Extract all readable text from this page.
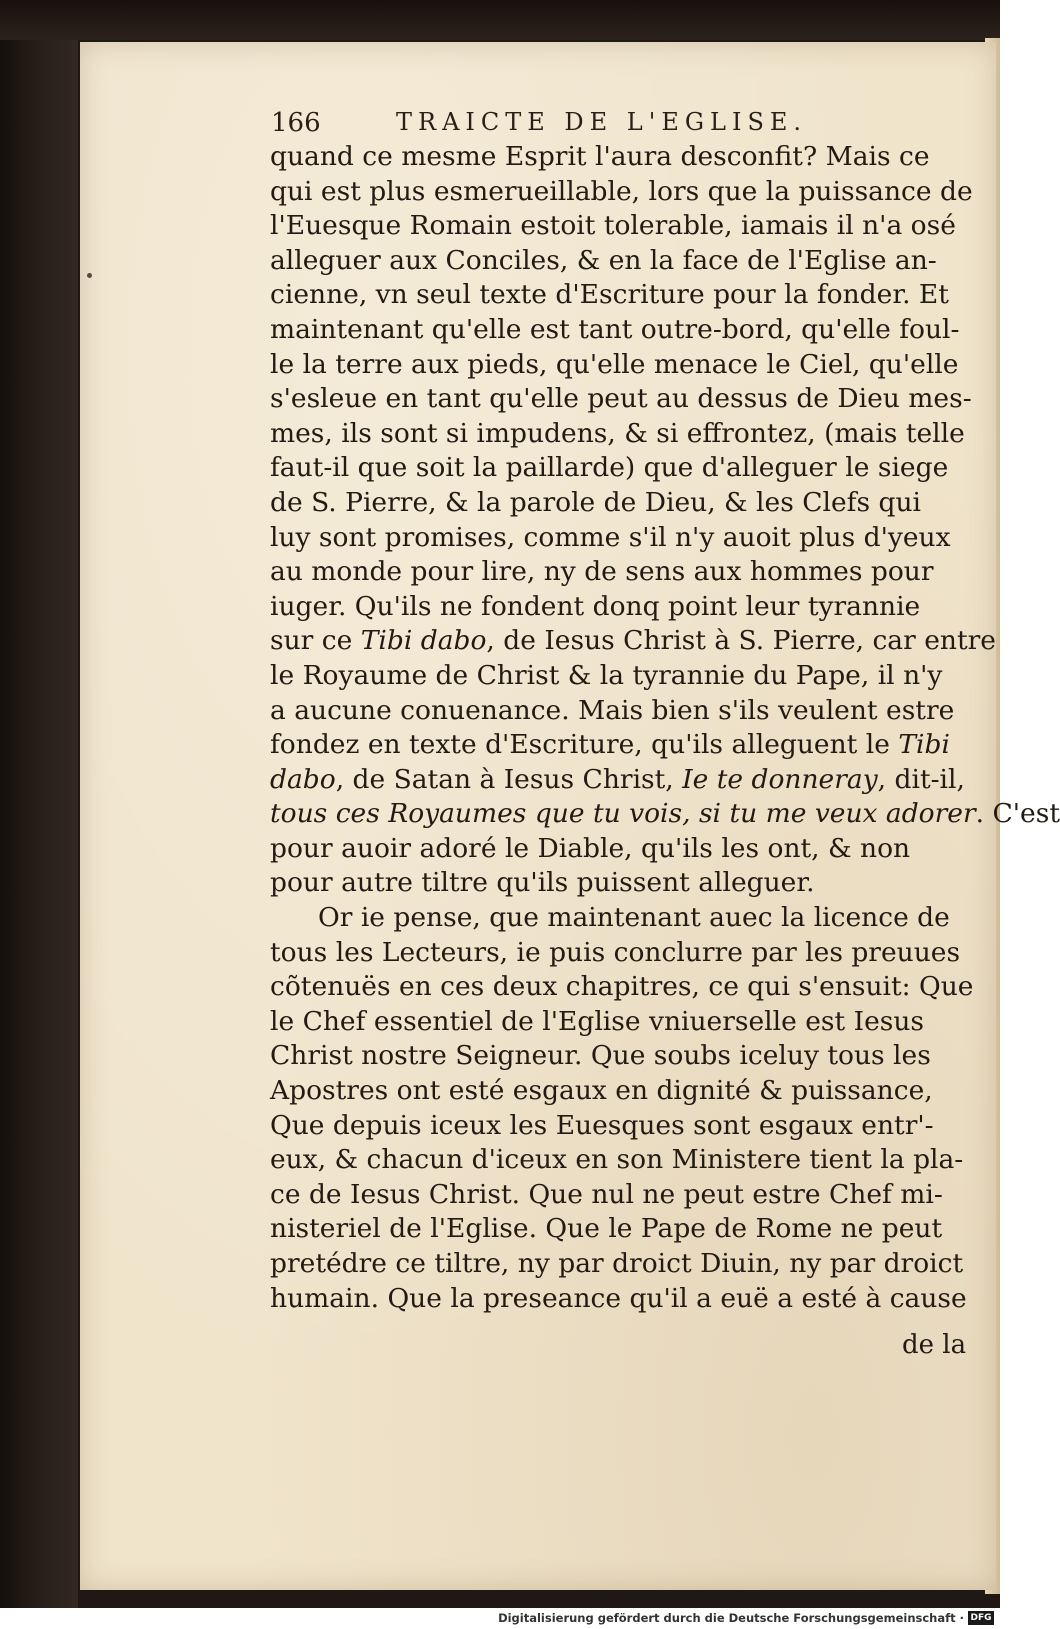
166	TRAICTE DE L'EGLISE.
quand ce mesme Esprit l'aura desconfit? Mais ce
qui est plus esmerueillable, lors que la puissance de
l'Euesque Romain estoit tolerable, iamais il n'a osé
alleguer aux Conciles, & en la face de l'Eglise an-
cienne, vn seul texte d'Escriture pour la fonder. Et
maintenant qu'elle est tant outre-bord, qu'elle foul-
le la terre aux pieds, qu'elle menace le Ciel, qu'elle
s'esleue en tant qu'elle peut au dessus de Dieu mes-
mes, ils sont si impudens, & si effrontez, (mais telle
faut-il que soit la paillarde) que d'alleguer le siege
de S. Pierre, & la parole de Dieu, & les Clefs qui
luy sont promises, comme s'il n'y auoit plus d'yeux
au monde pour lire, ny de sens aux hommes pour
iuger. Qu'ils ne fondent donq point leur tyrannie
sur ce Tibi dabo, de Iesus Christ à S. Pierre, car entre
le Royaume de Christ & la tyrannie du Pape, il n'y
a aucune conuenance. Mais bien s'ils veulent estre
fondez en texte d'Escriture, qu'ils alleguent le Tibi
dabo, de Satan à Iesus Christ, Ie te donneray, dit-il,
tous ces Royaumes que tu vois, si tu me veux adorer. C'est
pour auoir adoré le Diable, qu'ils les ont, & non
pour autre tiltre qu'ils puissent alleguer.
Or ie pense, que maintenant auec la licence de
tous les Lecteurs, ie puis conclurre par les preuues
cõtenuës en ces deux chapitres, ce qui s'ensuit: Que
le Chef essentiel de l'Eglise vniuerselle est Iesus
Christ nostre Seigneur. Que soubs iceluy tous les
Apostres ont esté esgaux en dignité & puissance,
Que depuis iceux les Euesques sont esgaux entr'-
eux, & chacun d'iceux en son Ministere tient la pla-
ce de Iesus Christ. Que nul ne peut estre Chef mi-
nisteriel de l'Eglise. Que le Pape de Rome ne peut
pretédre ce tiltre, ny par droict Diuin, ny par droict
humain. Que la preseance qu'il a euë a esté à cause
de la
Digitalisierung gefördert durch die Deutsche Forschungsgemeinschaft · DFG
